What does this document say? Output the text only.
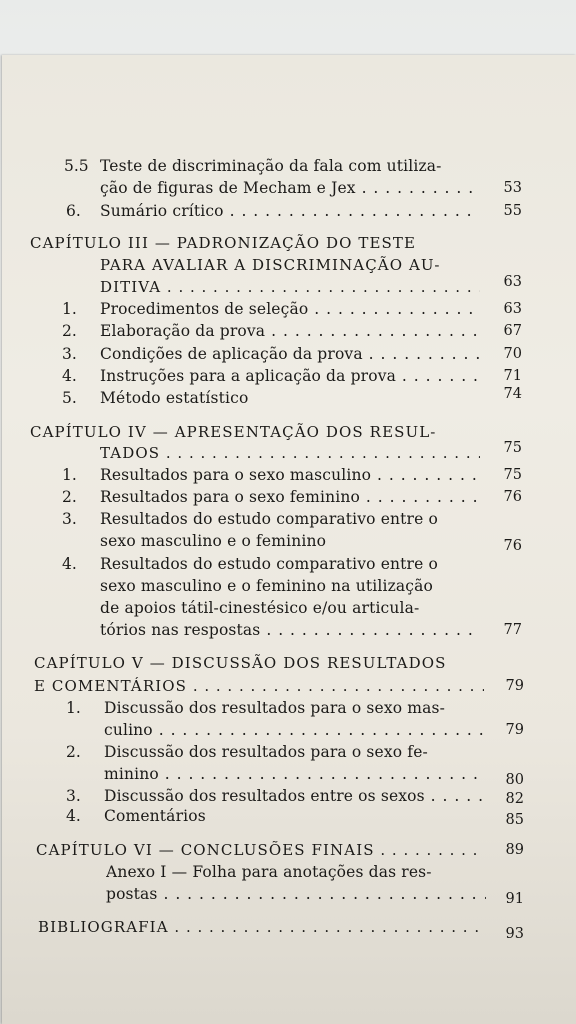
5.5 Teste de discriminação da fala com utiliza-
ção de figuras de Mecham e Jex . . .	53
6. Sumário crítico . . .	55
CAPÍTULO III — PADRONIZAÇÃO DO TESTE
PARA AVALIAR A DISCRIMINAÇÃO AU-
DITIVA . . .	63
1. Procedimentos de seleção . . .	63
2. Elaboração da prova . . .	67
3. Condições de aplicação da prova . . .	70
4. Instruções para a aplicação da prova . . .	71
5. Método estatístico	74
CAPÍTULO IV — APRESENTAÇÃO DOS RESUL-
TADOS . . .	75
1. Resultados para o sexo masculino . . .	75
2. Resultados para o sexo feminino . . .	76
3. Resultados do estudo comparativo entre o
sexo masculino e o feminino	76
4. Resultados do estudo comparativo entre o
sexo masculino e o feminino na utilização
de apoios tátil-cinestésico e/ou articula-
tórios nas respostas . . .	77
CAPÍTULO V — DISCUSSÃO DOS RESULTADOS
E COMENTÁRIOS . . .	79
1. Discussão dos resultados para o sexo mas-
culino . . .	79
2. Discussão dos resultados para o sexo fe-
minino . . .	80
3. Discussão dos resultados entre os sexos . . .	82
4. Comentários	85
CAPÍTULO VI — CONCLUSÕES FINAIS . . .	89
Anexo I — Folha para anotações das res-
postas . . .	91
BIBLIOGRAFIA . . .	93
